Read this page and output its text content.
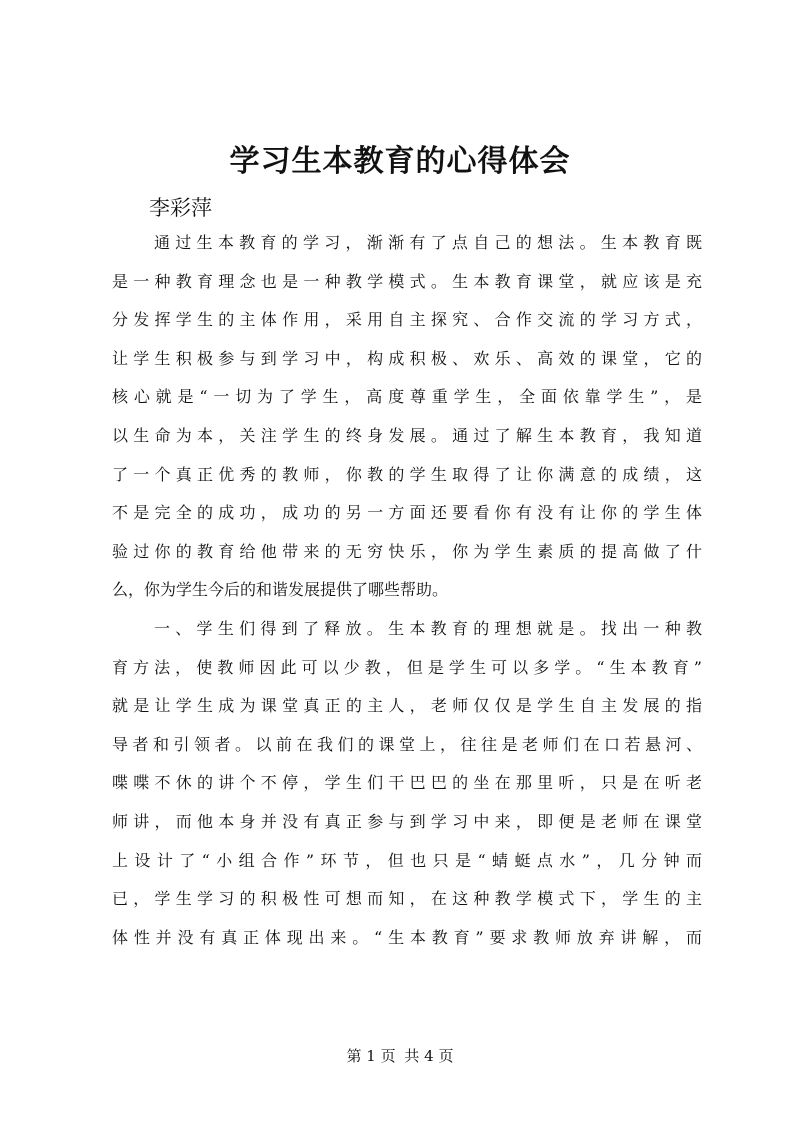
学习生本教育的心得体会

李彩萍

通过生本教育的学习，渐渐有了点自己的想法。生本教育既
是一种教育理念也是一种教学模式。生本教育课堂，就应该是充
分发挥学生的主体作用，采用自主探究、合作交流的学习方式，
让学生积极参与到学习中，构成积极、欢乐、高效的课堂，它的
核心就是“一切为了学生，高度尊重学生，全面依靠学生”，是
以生命为本，关注学生的终身发展。通过了解生本教育，我知道
了一个真正优秀的教师，你教的学生取得了让你满意的成绩，这
不是完全的成功，成功的另一方面还要看你有没有让你的学生体
验过你的教育给他带来的无穷快乐，你为学生素质的提高做了什
么，你为学生今后的和谐发展提供了哪些帮助。
一、学生们得到了释放。生本教育的理想就是。找出一种教
育方法，使教师因此可以少教，但是学生可以多学。“生本教育”
就是让学生成为课堂真正的主人，老师仅仅是学生自主发展的指
导者和引领者。以前在我们的课堂上，往往是老师们在口若悬河、
喋喋不休的讲个不停，学生们干巴巴的坐在那里听，只是在听老
师讲，而他本身并没有真正参与到学习中来，即便是老师在课堂
上设计了“小组合作”环节，但也只是“蜻蜓点水”，几分钟而
已，学生学习的积极性可想而知，在这种教学模式下，学生的主
体性并没有真正体现出来。“生本教育”要求教师放弃讲解，而
第 1 页 共 4 页
